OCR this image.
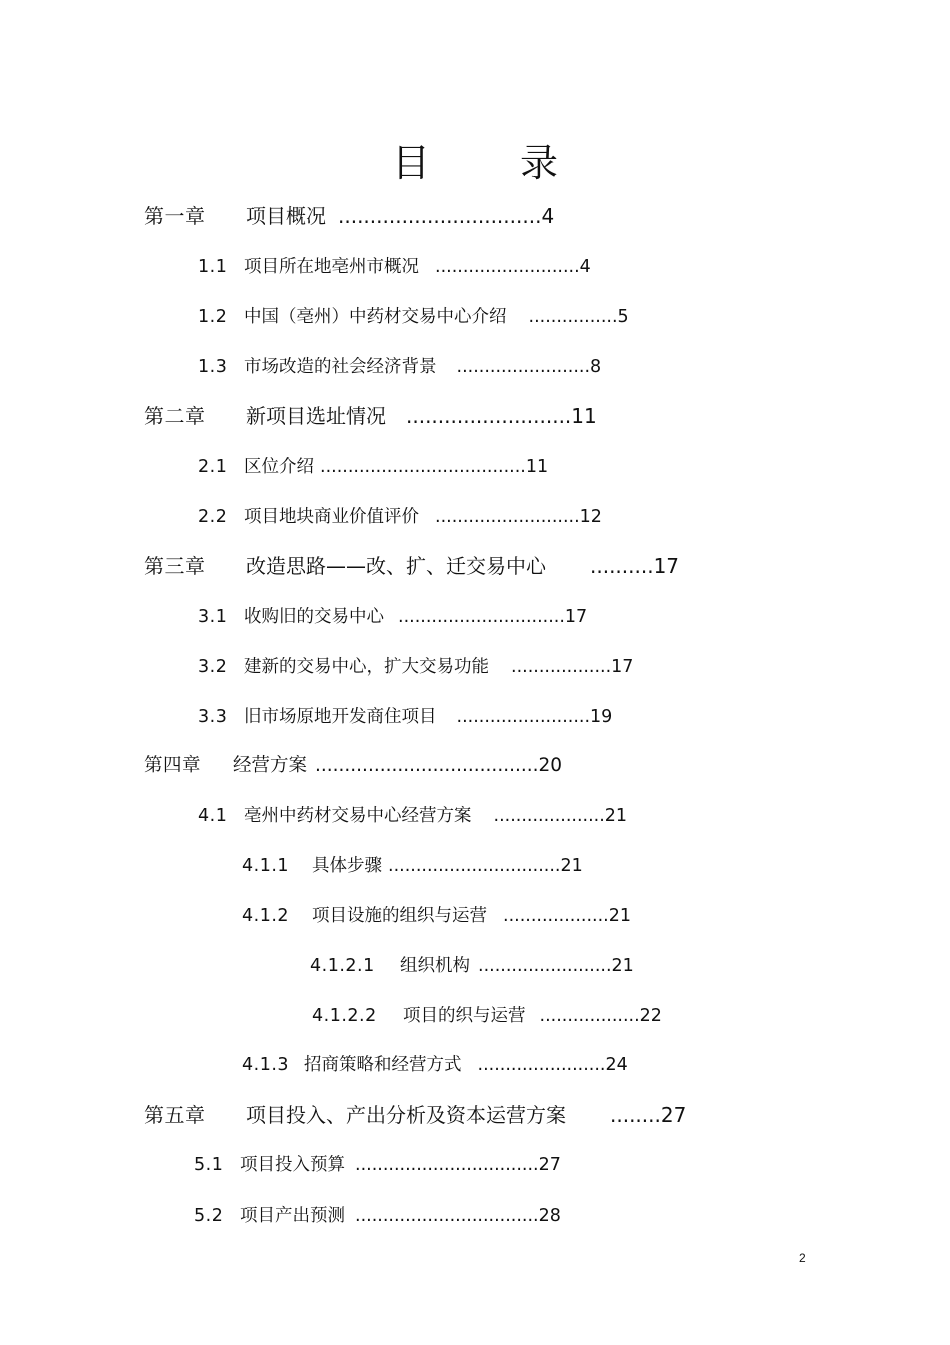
目 录
第一章 项目概况 ................................4
1.1 项目所在地亳州市概况 ..........................4
1.2 中国（亳州）中药材交易中心介绍 ................5
1.3 市场改造的社会经济背景 ........................8
第二章 新项目选址情况 ..........................11
2.1 区位介绍 .....................................11
2.2 项目地块商业价值评价 ..........................12
第三章 改造思路——改、扩、迁交易中心 ..........17
3.1 收购旧的交易中心 ..............................17
3.2 建新的交易中心，扩大交易功能 ..................17
3.3 旧市场原地开发商住项目 ........................19
第四章 经营方案 ......................................20
4.1 亳州中药材交易中心经营方案 ....................21
4.1.1 具体步骤 ...............................21
4.1.2 项目设施的组织与运营 ...................21
4.1.2.1 组织机构 ........................21
4.1.2.2 项目的织与运营 ..................22
4.1.3 招商策略和经营方式 .......................24
第五章 项目投入、产出分析及资本运营方案 ........27
5.1 项目投入预算 .................................27
5.2 项目产出预测 .................................28
2
